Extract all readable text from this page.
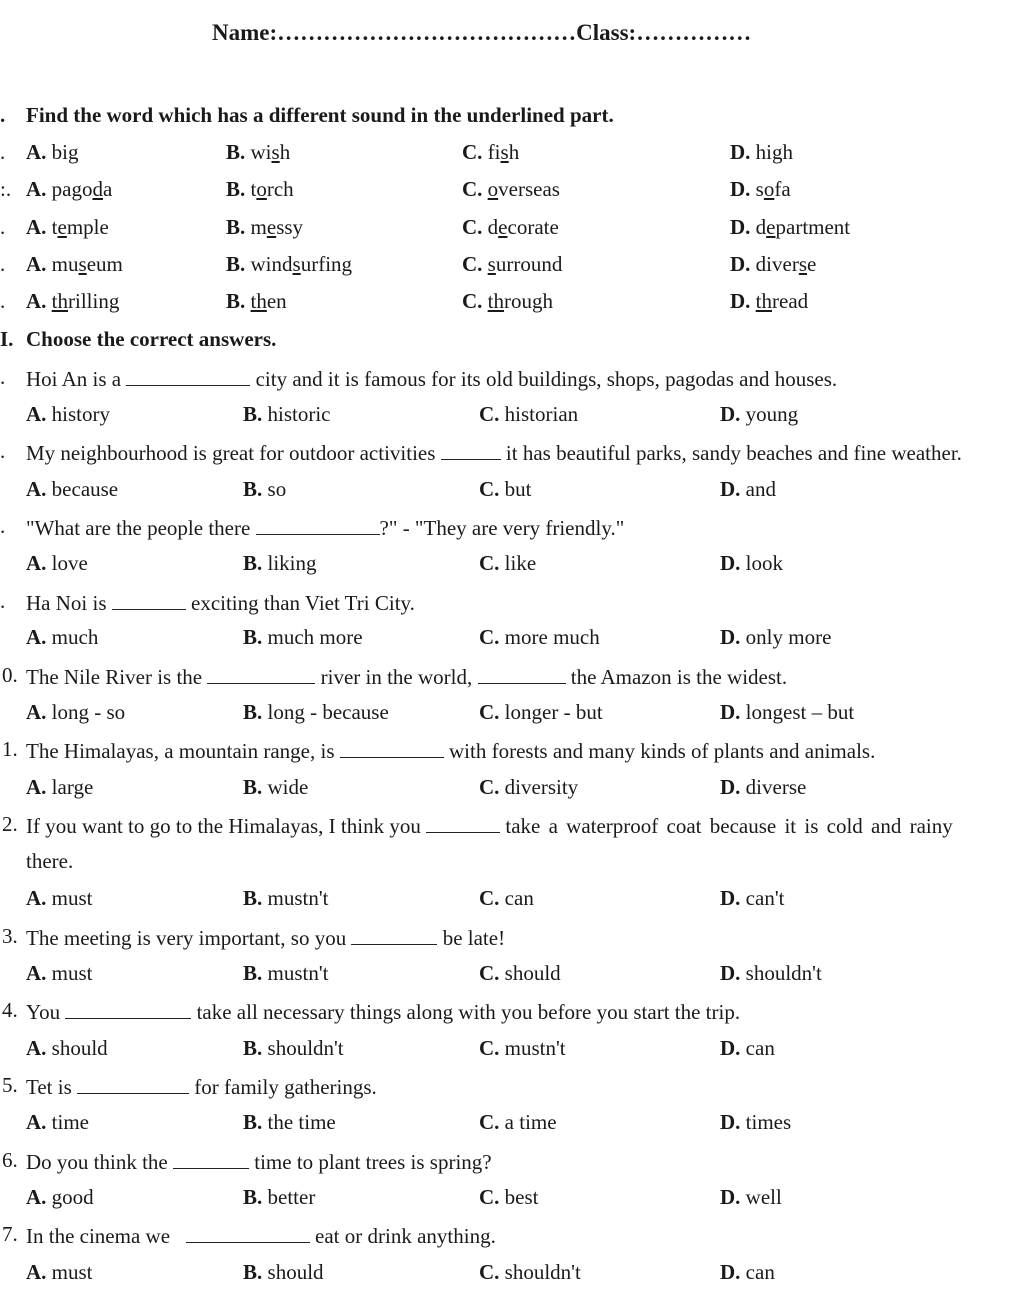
Name:…………………………………Class:……………
. Find the word which has a different sound in the underlined part.
. A. big	B. wish	C. fish	D. high
:. A. pagoda	B. torch	C. overseas	D. sofa
. A. temple	B. messy	C. decorate	D. department
. A. museum	B. windsurfing	C. surround	D. diverse
. A. thrilling	B. then	C. through	D. thread
I. Choose the correct answers.
. Hoi An is a	city and it is famous for its old buildings, shops, pagodas and houses.
A. history	B. historic	C. historian	D. young
. My neighbourhood is great for outdoor activities	it has beautiful parks, sandy beaches and fine weather.
A. because	B. so	C. but	D. and
. "What are the people there	?" - "They are very friendly."
A. love	B. liking	C. like	D. look
. Ha Noi is	exciting than Viet Tri City.
A. much	B. much more	C. more much	D. only more
0. The Nile River is the	river in the world,	the Amazon is the widest.
A. long - so	B. long - because	C. longer - but	D. longest – but
1. The Himalayas, a mountain range, is	with forests and many kinds of plants and animals.
A. large	B. wide	C. diversity	D. diverse
2. If you want to go to the Himalayas, I think you	take a waterproof coat because it is cold and rainy
there.
A. must	B. mustn't	C. can	D. can't
3. The meeting is very important, so you	be late!
A. must	B. mustn't	C. should	D. shouldn't
4. You	take all necessary things along with you before you start the trip.
A. should	B. shouldn't	C. mustn't	D. can
5. Tet is	for family gatherings.
A. time	B. the time	C. a time	D. times
6. Do you think the	time to plant trees is spring?
A. good	B. better	C. best	D. well
7. In the cinema we	eat or drink anything.
A. must	B. should	C. shouldn't	D. can
